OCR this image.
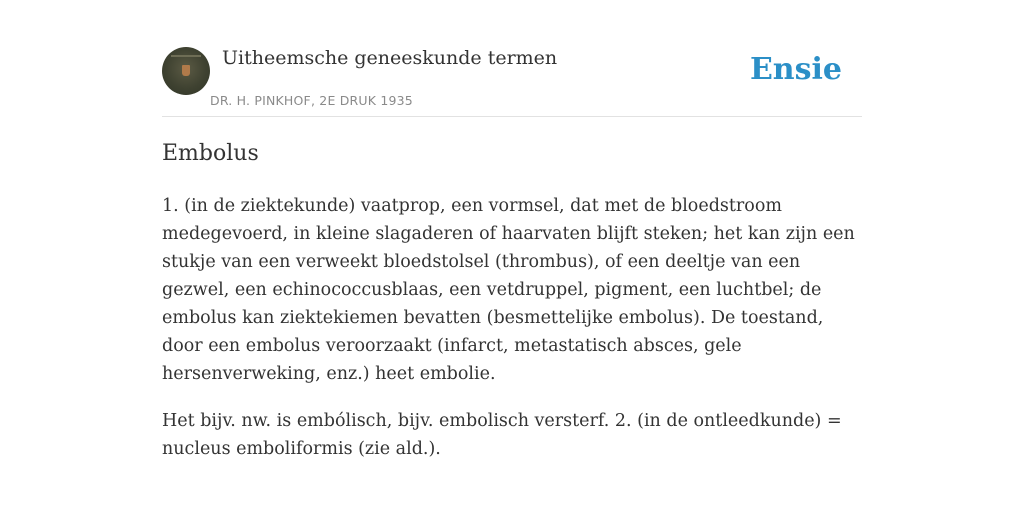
Uitheemsche geneeskunde termen
DR. H. PINKHOF, 2E DRUK 1935
Ensie
Embolus

1. (in de ziektekunde) vaatprop, een vormsel, dat met de bloedstroom medegevoerd, in kleine slagaderen of haarvaten blijft steken; het kan zijn een stukje van een verweekt bloedstolsel (thrombus), of een deeltje van een gezwel, een echinococcusblaas, een vetdruppel, pigment, een luchtbel; de embolus kan ziektekiemen bevatten (besmettelijke embolus). De toestand, door een embolus veroorzaakt (infarct, metastatisch absces, gele hersenverweking, enz.) heet embolie.

Het bijv. nw. is embólisch, bijv. embolisch versterf. 2. (in de ontleedkunde) = nucleus emboliformis (zie ald.).
